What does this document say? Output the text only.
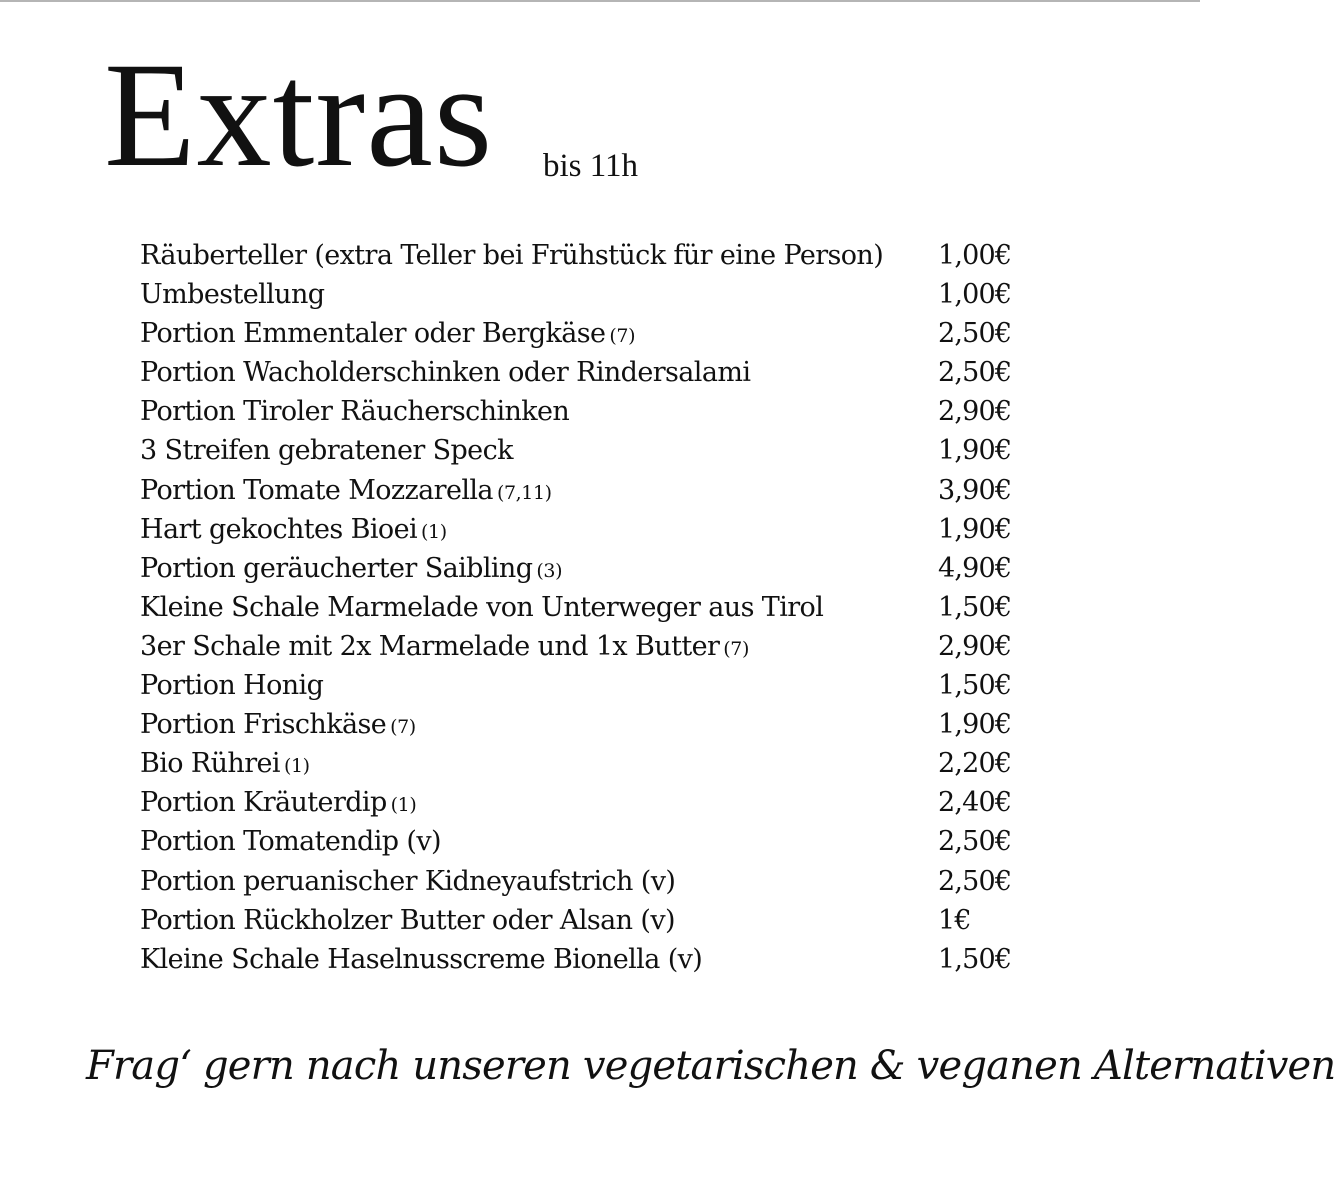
Extras bis 11h
Räuberteller (extra Teller bei Frühstück für eine Person) 1,00€
Umbestellung	1,00€
Portion Emmentaler oder Bergkäse (7)	2,50€
Portion Wacholderschinken oder Rindersalami	2,50€
Portion Tiroler Räucherschinken	2,90€
3 Streifen gebratener Speck	1,90€
Portion Tomate Mozzarella (7,11)	3,90€
Hart gekochtes Bioei (1)	1,90€
Portion geräucherter Saibling (3)	4,90€
Kleine Schale Marmelade von Unterweger aus Tirol	1,50€
3er Schale mit 2x Marmelade und 1x Butter (7)	2,90€
Portion Honig	1,50€
Portion Frischkäse (7)	1,90€
Bio Rührei (1)	2,20€
Portion Kräuterdip (1)	2,40€
Portion Tomatendip (v)	2,50€
Portion peruanischer Kidneyaufstrich (v)	2,50€
Portion Rückholzer Butter oder Alsan (v)	1€
Kleine Schale Haselnusscreme Bionella (v)	1,50€
Frag‘ gern nach unseren vegetarischen & veganen Alternativen
